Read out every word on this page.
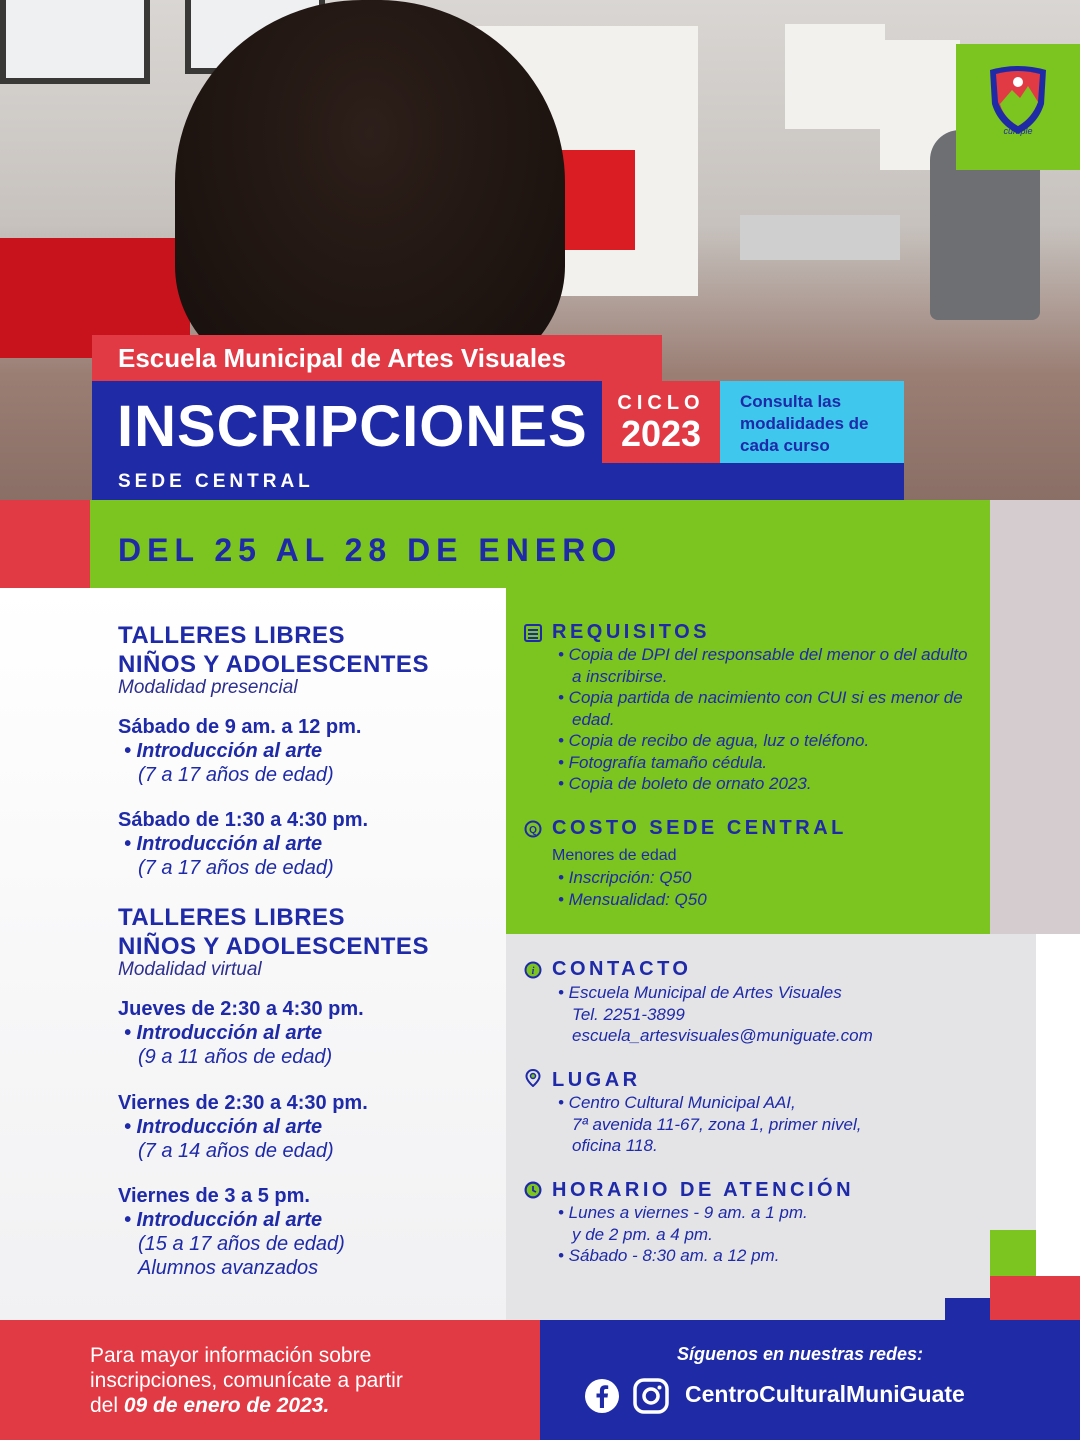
cumple
Escuela Municipal de Artes Visuales
INSCRIPCIONES
SEDE CENTRAL
CICLO
2023
Consulta las
modalidades de
cada curso
DEL 25 AL 28 DE ENERO
TALLERES LIBRES
NIÑOS Y ADOLESCENTES
Modalidad presencial
Sábado de 9 am. a 12 pm.
• Introducción al arte
(7 a 17 años de edad)
Sábado de 1:30 a 4:30 pm.
• Introducción al arte
(7 a 17 años de edad)
TALLERES LIBRES
NIÑOS Y ADOLESCENTES
Modalidad virtual
Jueves de 2:30 a 4:30 pm.
• Introducción al arte
(9 a 11 años de edad)
Viernes de 2:30 a 4:30 pm.
• Introducción al arte
(7 a 14 años de edad)
Viernes de 3 a 5 pm.
• Introducción al arte
(15 a 17 años de edad)
Alumnos avanzados
REQUISITOS
• Copia de DPI del responsable del menor o del adulto a inscribirse.
• Copia partida de nacimiento con CUI si es menor de edad.
• Copia de recibo de agua, luz o teléfono.
• Fotografía tamaño cédula.
• Copia de boleto de ornato 2023.
Q COSTO SEDE CENTRAL
Menores de edad
• Inscripción: Q50
• Mensualidad: Q50
i CONTACTO
• Escuela Municipal de Artes Visuales
Tel. 2251-3899
escuela_artesvisuales@muniguate.com
LUGAR
• Centro Cultural Municipal AAI,
7ª avenida 11-67, zona 1, primer nivel,
oficina 118.
HORARIO DE ATENCIÓN
• Lunes a viernes - 9 am. a 1 pm.
y de 2 pm. a 4 pm.
• Sábado - 8:30 am. a 12 pm.
Para mayor información sobre
inscripciones, comunícate a partir
del 09 de enero de 2023.
Síguenos en nuestras redes:
CentroCulturalMuniGuate
